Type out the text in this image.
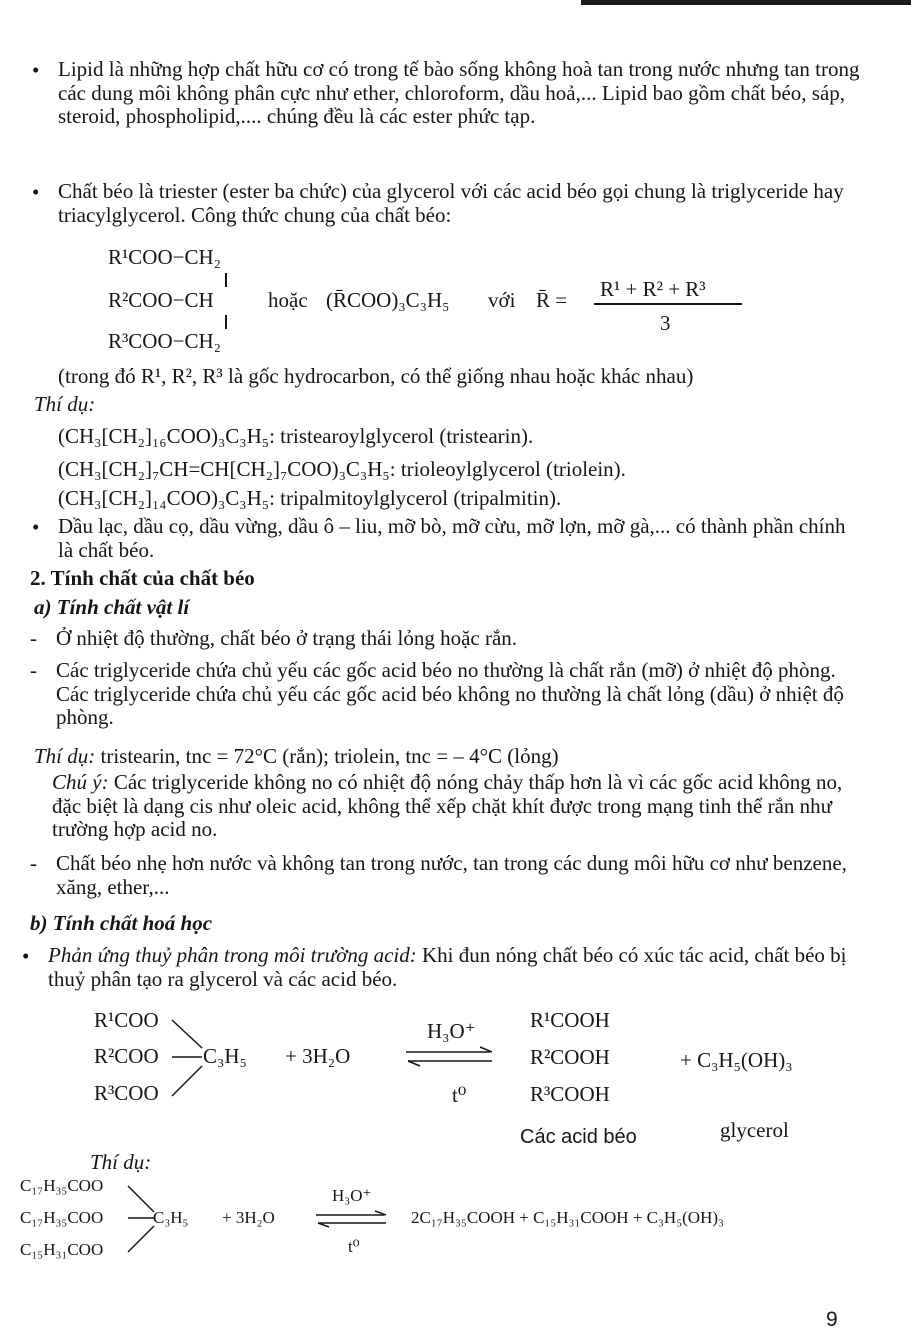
• Lipid là những hợp chất hữu cơ có trong tế bào sống không hoà tan trong nước nhưng tan trong các dung môi không phân cực như ether, chloroform, dầu hoả,... Lipid bao gồm chất béo, sáp, steroid, phospholipid,.... chúng đều là các ester phức tạp.
• Chất béo là triester (ester ba chức) của glycerol với các acid béo gọi chung là triglyceride hay triacylglycerol. Công thức chung của chất béo:
R¹COO−CH₂
R²COO−CH
R³COO−CH₂
hoặc (R̄COO)₃C₃H₅ với R̄ = R¹ + R² + R³
3
(trong đó R¹, R², R³ là gốc hydrocarbon, có thể giống nhau hoặc khác nhau)
Thí dụ:
(CH₃[CH₂]₁₆COO)₃C₃H₅: tristearoylglycerol (tristearin).
(CH₃[CH₂]₇CH=CH[CH₂]₇COO)₃C₃H₅: trioleoylglycerol (triolein).
(CH₃[CH₂]₁₄COO)₃C₃H₅: tripalmitoylglycerol (tripalmitin).
• Dầu lạc, dầu cọ, dầu vừng, dầu ô – liu, mỡ bò, mỡ cừu, mỡ lợn, mỡ gà,... có thành phần chính là chất béo.
2. Tính chất của chất béo
a) Tính chất vật lí
- Ở nhiệt độ thường, chất béo ở trạng thái lỏng hoặc rắn.
- Các triglyceride chứa chủ yếu các gốc acid béo no thường là chất rắn (mỡ) ở nhiệt độ phòng. Các triglyceride chứa chủ yếu các gốc acid béo không no thường là chất lỏng (dầu) ở nhiệt độ phòng.
Thí dụ: tristearin, tnc = 72°C (rắn); triolein, tnc = – 4°C (lỏng)
Chú ý: Các triglyceride không no có nhiệt độ nóng chảy thấp hơn là vì các gốc acid không no, đặc biệt là dạng cis như oleic acid, không thể xếp chặt khít được trong mạng tinh thể rắn như trường hợp acid no.
- Chất béo nhẹ hơn nước và không tan trong nước, tan trong các dung môi hữu cơ như benzene, xăng, ether,...
b) Tính chất hoá học
• Phản ứng thuỷ phân trong môi trường acid: Khi đun nóng chất béo có xúc tác acid, chất béo bị thuỷ phân tạo ra glycerol và các acid béo.
R¹COO
R²COO
R³COO
C₃H₅ + 3H₂O
H₃O⁺
t⁰
R¹COOH
R²COOH
R³COOH
+ C₃H₅(OH)₃
Các acid béo	glycerol
Thí dụ:
C₁₇H₃₅COO
C₁₇H₃₅COO
C₁₅H₃₁COO
C₃H₅ + 3H₂O
H₃O⁺
t⁰
2C₁₇H₃₅COOH + C₁₅H₃₁COOH + C₃H₅(OH)₃
9
